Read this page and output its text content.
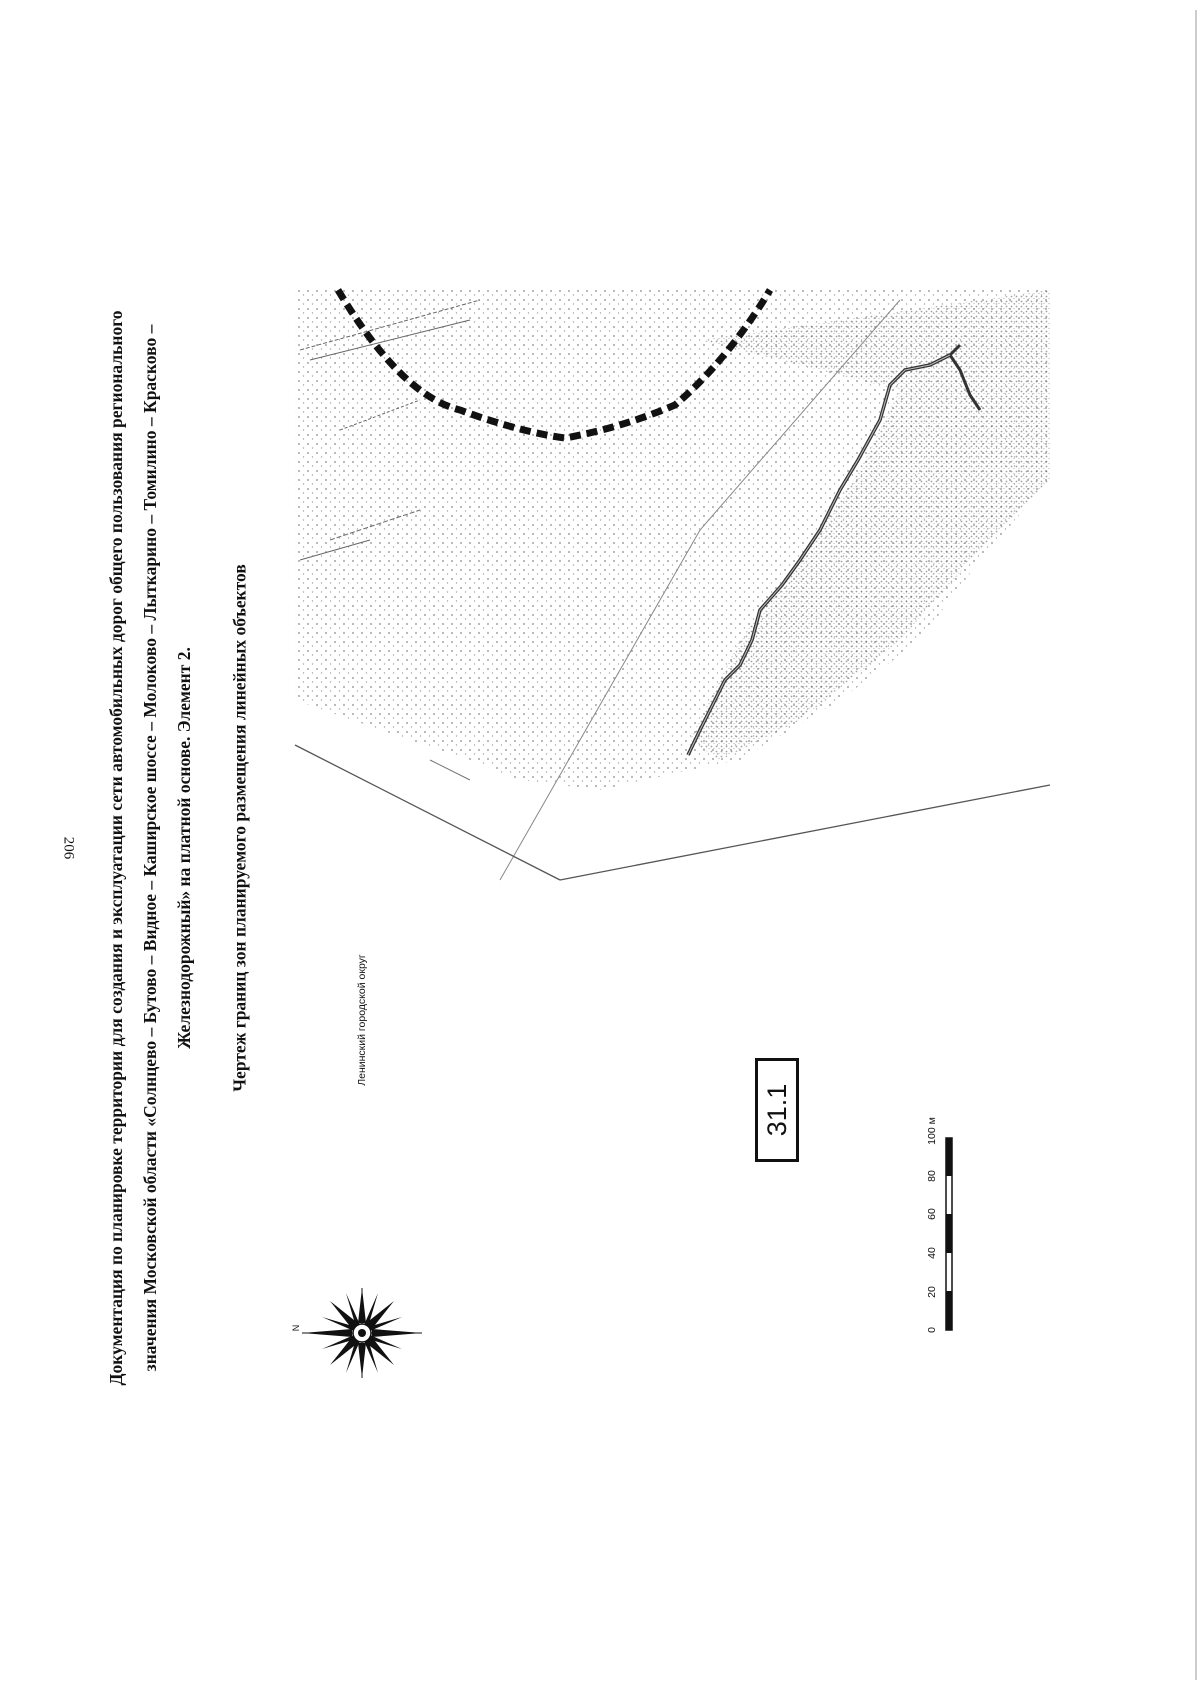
206	Документация по планировке территории для создания и эксплуатации сети автомобильных дорог общего пользования регионального значения Московской области «Солнцево – Бутово – Видное – Каширское шоссе – Молоково – Лыткарино – Томилино – Красково – Железнодорожный» на платной основе. Элемент 2.	Чертеж границ зон планируемого размещения линейных объектов
N
Ленинский городской округ
31.1
0
20
40
60
80
100 м
